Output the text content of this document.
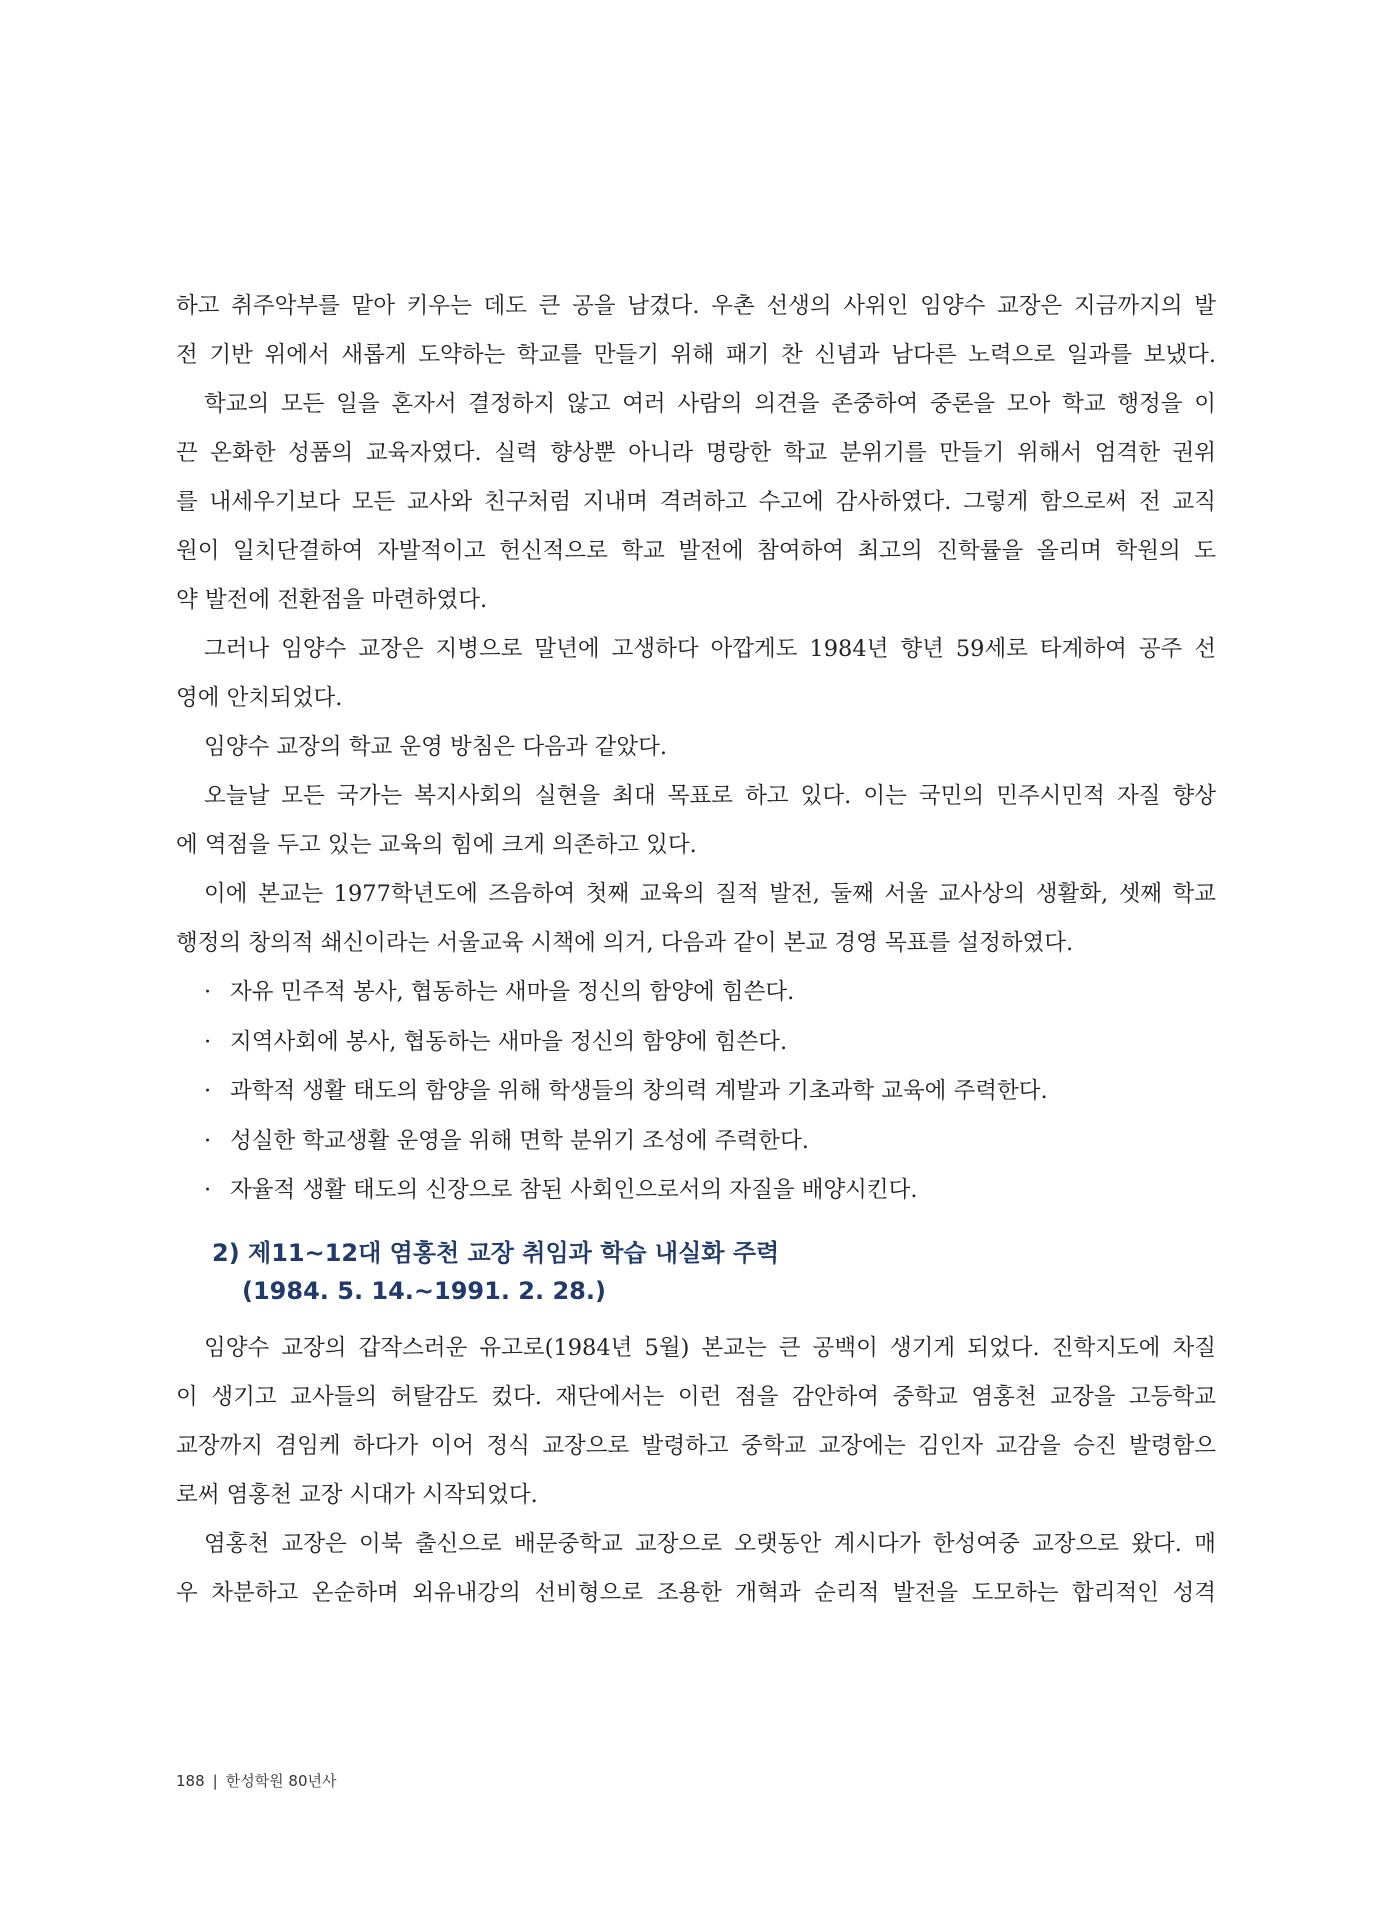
하고 취주악부를 맡아 키우는 데도 큰 공을 남겼다. 우촌 선생의 사위인 임양수 교장은 지금까지의 발
전 기반 위에서 새롭게 도약하는 학교를 만들기 위해 패기 찬 신념과 남다른 노력으로 일과를 보냈다.
학교의 모든 일을 혼자서 결정하지 않고 여러 사람의 의견을 존중하여 중론을 모아 학교 행정을 이
끈 온화한 성품의 교육자였다. 실력 향상뿐 아니라 명랑한 학교 분위기를 만들기 위해서 엄격한 권위
를 내세우기보다 모든 교사와 친구처럼 지내며 격려하고 수고에 감사하였다. 그렇게 함으로써 전 교직
원이 일치단결하여 자발적이고 헌신적으로 학교 발전에 참여하여 최고의 진학률을 올리며 학원의 도
약 발전에 전환점을 마련하였다.
그러나 임양수 교장은 지병으로 말년에 고생하다 아깝게도 1984년 향년 59세로 타계하여 공주 선
영에 안치되었다.
임양수 교장의 학교 운영 방침은 다음과 같았다.
오늘날 모든 국가는 복지사회의 실현을 최대 목표로 하고 있다. 이는 국민의 민주시민적 자질 향상
에 역점을 두고 있는 교육의 힘에 크게 의존하고 있다.
이에 본교는 1977학년도에 즈음하여 첫째 교육의 질적 발전, 둘째 서울 교사상의 생활화, 셋째 학교
행정의 창의적 쇄신이라는 서울교육 시책에 의거, 다음과 같이 본교 경영 목표를 설정하였다.
· 자유 민주적 봉사, 협동하는 새마을 정신의 함양에 힘쓴다.
· 지역사회에 봉사, 협동하는 새마을 정신의 함양에 힘쓴다.
· 과학적 생활 태도의 함양을 위해 학생들의 창의력 계발과 기초과학 교육에 주력한다.
· 성실한 학교생활 운영을 위해 면학 분위기 조성에 주력한다.
· 자율적 생활 태도의 신장으로 참된 사회인으로서의 자질을 배양시킨다.
2) 제11~12대 염홍천 교장 취임과 학습 내실화 주력
(1984. 5. 14.~1991. 2. 28.)
임양수 교장의 갑작스러운 유고로(1984년 5월) 본교는 큰 공백이 생기게 되었다. 진학지도에 차질
이 생기고 교사들의 허탈감도 컸다. 재단에서는 이런 점을 감안하여 중학교 염홍천 교장을 고등학교
교장까지 겸임케 하다가 이어 정식 교장으로 발령하고 중학교 교장에는 김인자 교감을 승진 발령함으
로써 염홍천 교장 시대가 시작되었다.
염홍천 교장은 이북 출신으로 배문중학교 교장으로 오랫동안 계시다가 한성여중 교장으로 왔다. 매
우 차분하고 온순하며 외유내강의 선비형으로 조용한 개혁과 순리적 발전을 도모하는 합리적인 성격
188 | 한성학원 80년사
